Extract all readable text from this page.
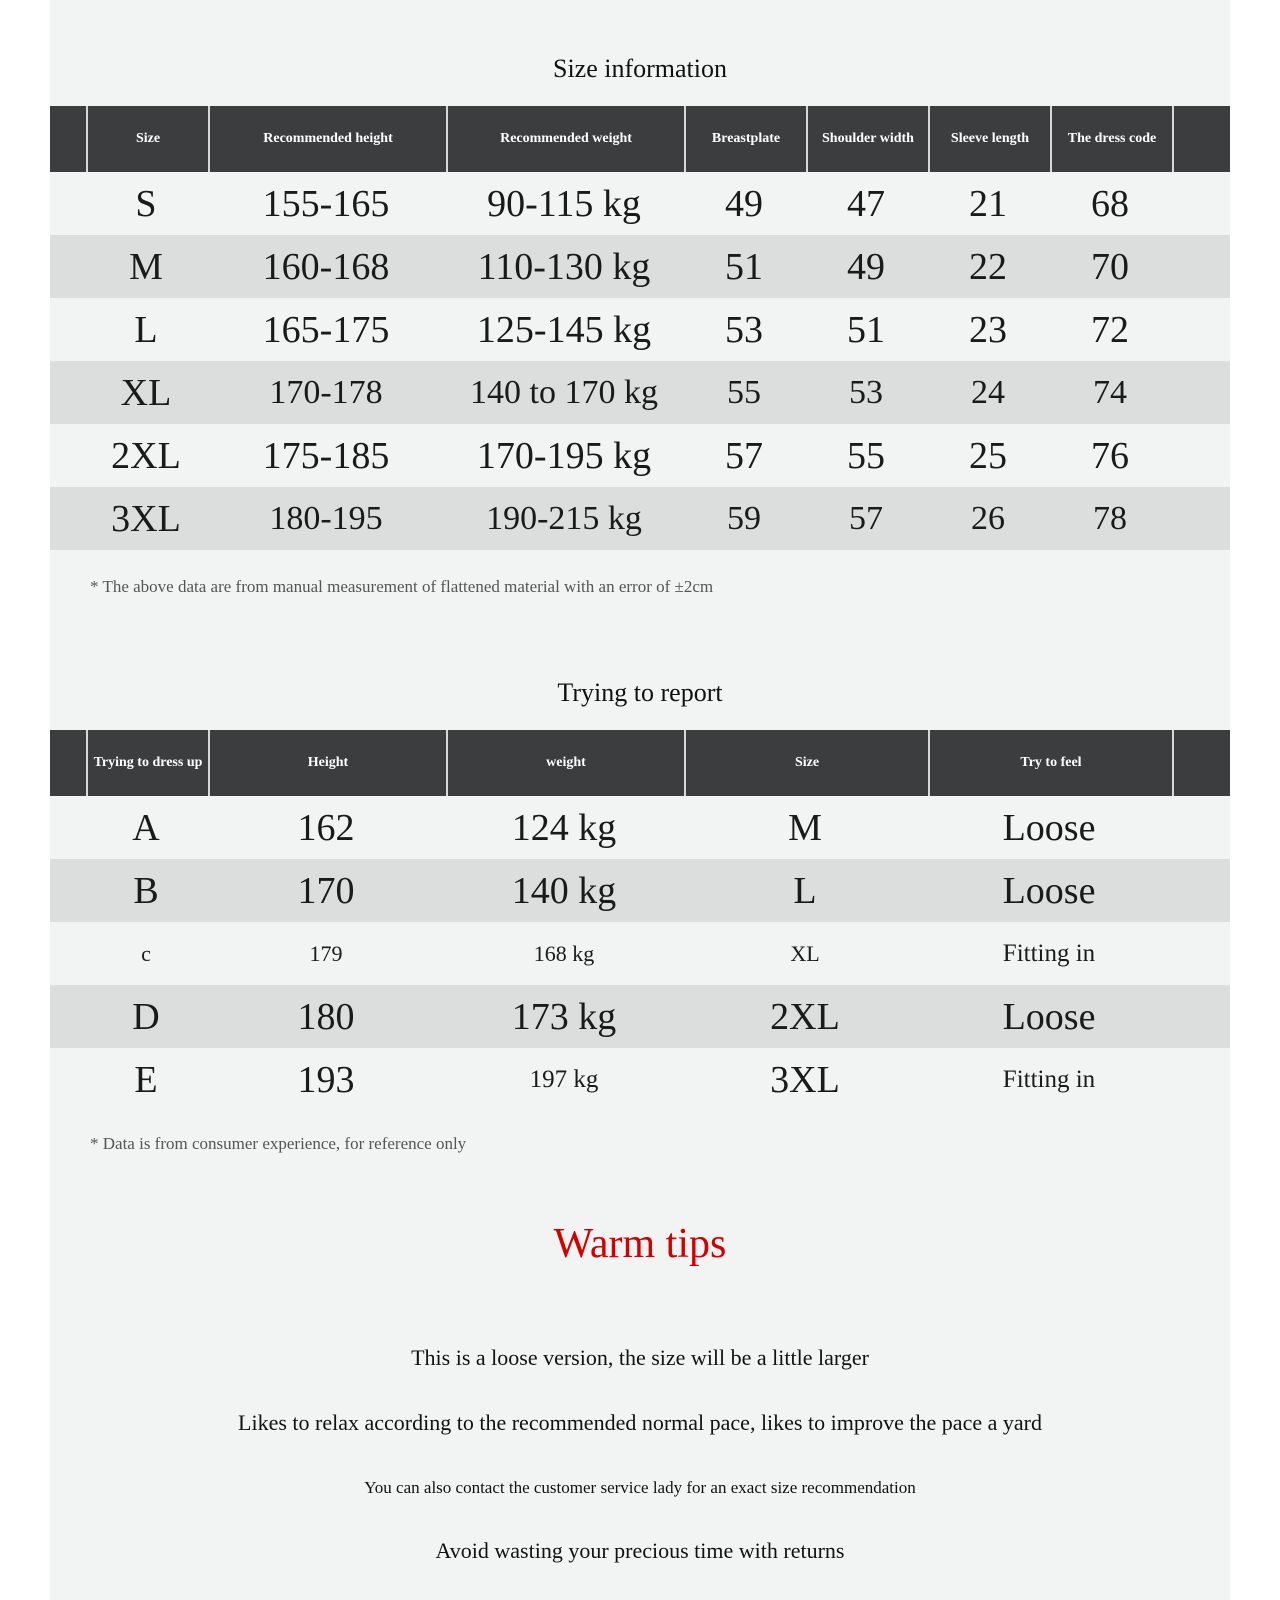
Size information
Size	Recommended height	Recommended weight	Breastplate	Shoulder width	Sleeve length	The dress code
S	155-165	90-115 kg	49	47	21	68
M	160-168	110-130 kg	51	49	22	70
L	165-175	125-145 kg	53	51	23	72
XL	170-178	140 to 170 kg	55	53	24	74
2XL	175-185	170-195 kg	57	55	25	76
3XL	180-195	190-215 kg	59	57	26	78
* The above data are from manual measurement of flattened material with an error of ±2cm
Trying to report
Trying to dress up	Height	weight	Size	Try to feel
A	162	124 kg	M	Loose
B	170	140 kg	L	Loose
c	179	168 kg	XL	Fitting in
D	180	173 kg	2XL	Loose
E	193	197 kg	3XL	Fitting in
* Data is from consumer experience, for reference only
Warm tips
This is a loose version, the size will be a little larger
Likes to relax according to the recommended normal pace, likes to improve the pace a yard
You can also contact the customer service lady for an exact size recommendation
Avoid wasting your precious time with returns
